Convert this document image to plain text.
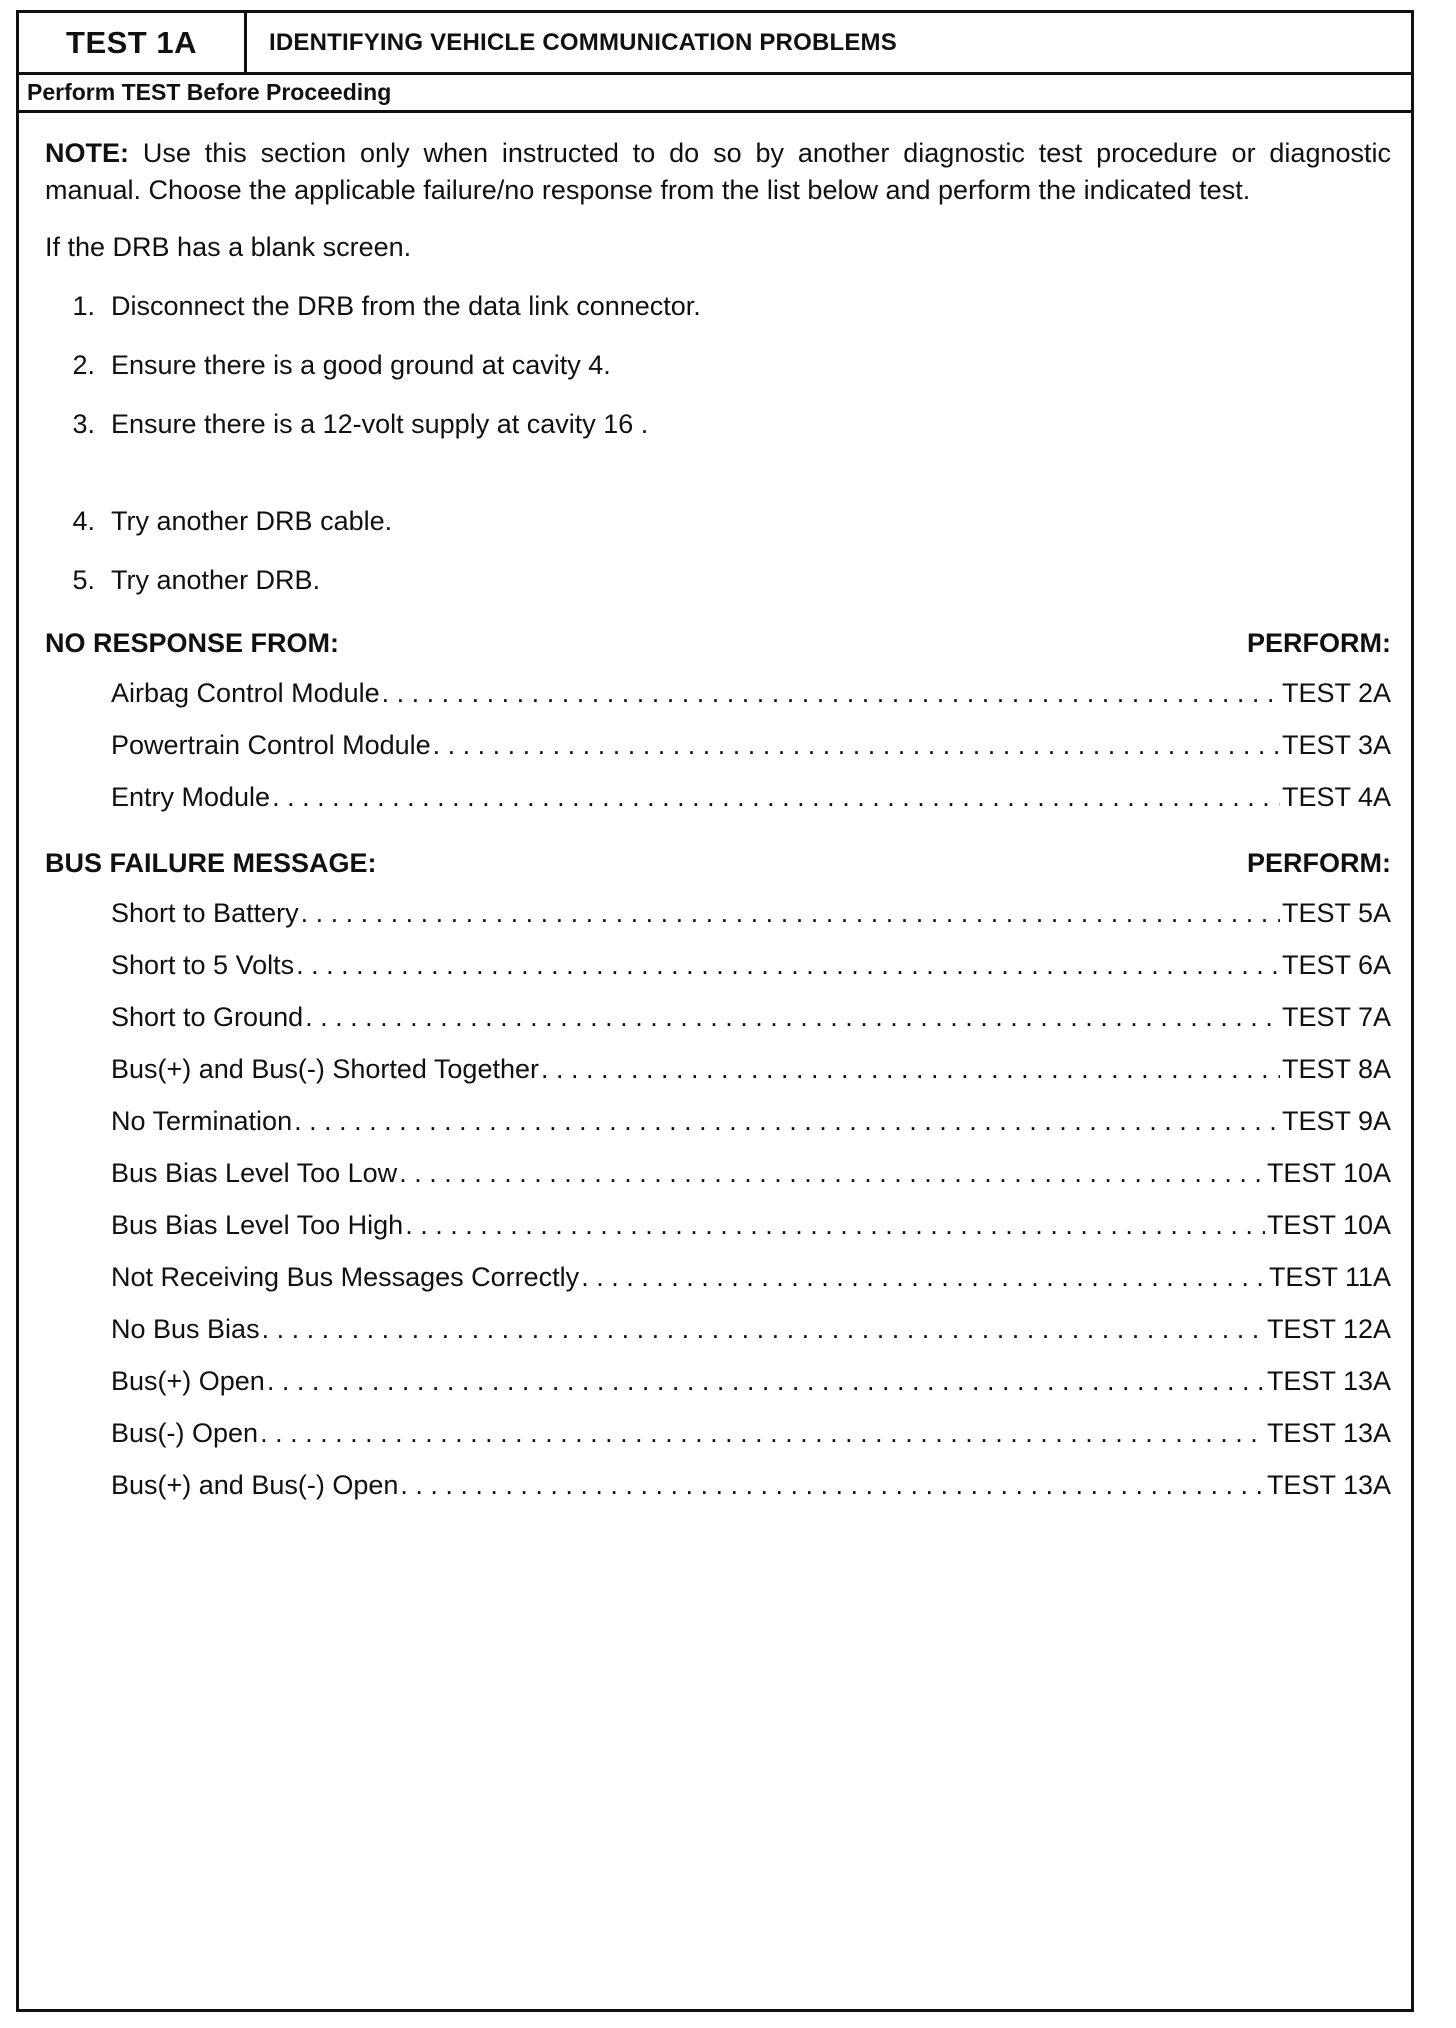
TEST 1A	IDENTIFYING VEHICLE COMMUNICATION PROBLEMS
Perform TEST Before Proceeding

NOTE: Use this section only when instructed to do so by another diagnostic test procedure or diagnostic manual. Choose the applicable failure/no response from the list below and perform the indicated test.

If the DRB has a blank screen.

1. Disconnect the DRB from the data link connector.
2. Ensure there is a good ground at cavity 4.
3. Ensure there is a 12-volt supply at cavity 16 .
4. Try another DRB cable.
5. Try another DRB.
NO RESPONSE FROM:	PERFORM:
Airbag Control Module . . .	TEST 2A
Powertrain Control Module . . .	TEST 3A
Entry Module . . .	TEST 4A
BUS FAILURE MESSAGE:	PERFORM:
Short to Battery . . .	TEST 5A
Short to 5 Volts . . .	TEST 6A
Short to Ground . . .	TEST 7A
Bus(+) and Bus(-) Shorted Together . . .	TEST 8A
No Termination . . .	TEST 9A
Bus Bias Level Too Low . . .	TEST 10A
Bus Bias Level Too High . . .	TEST 10A
Not Receiving Bus Messages Correctly . . .	TEST 11A
No Bus Bias . . .	TEST 12A
Bus(+) Open . . .	TEST 13A
Bus(-) Open . . .	TEST 13A
Bus(+) and Bus(-) Open . . .	TEST 13A
